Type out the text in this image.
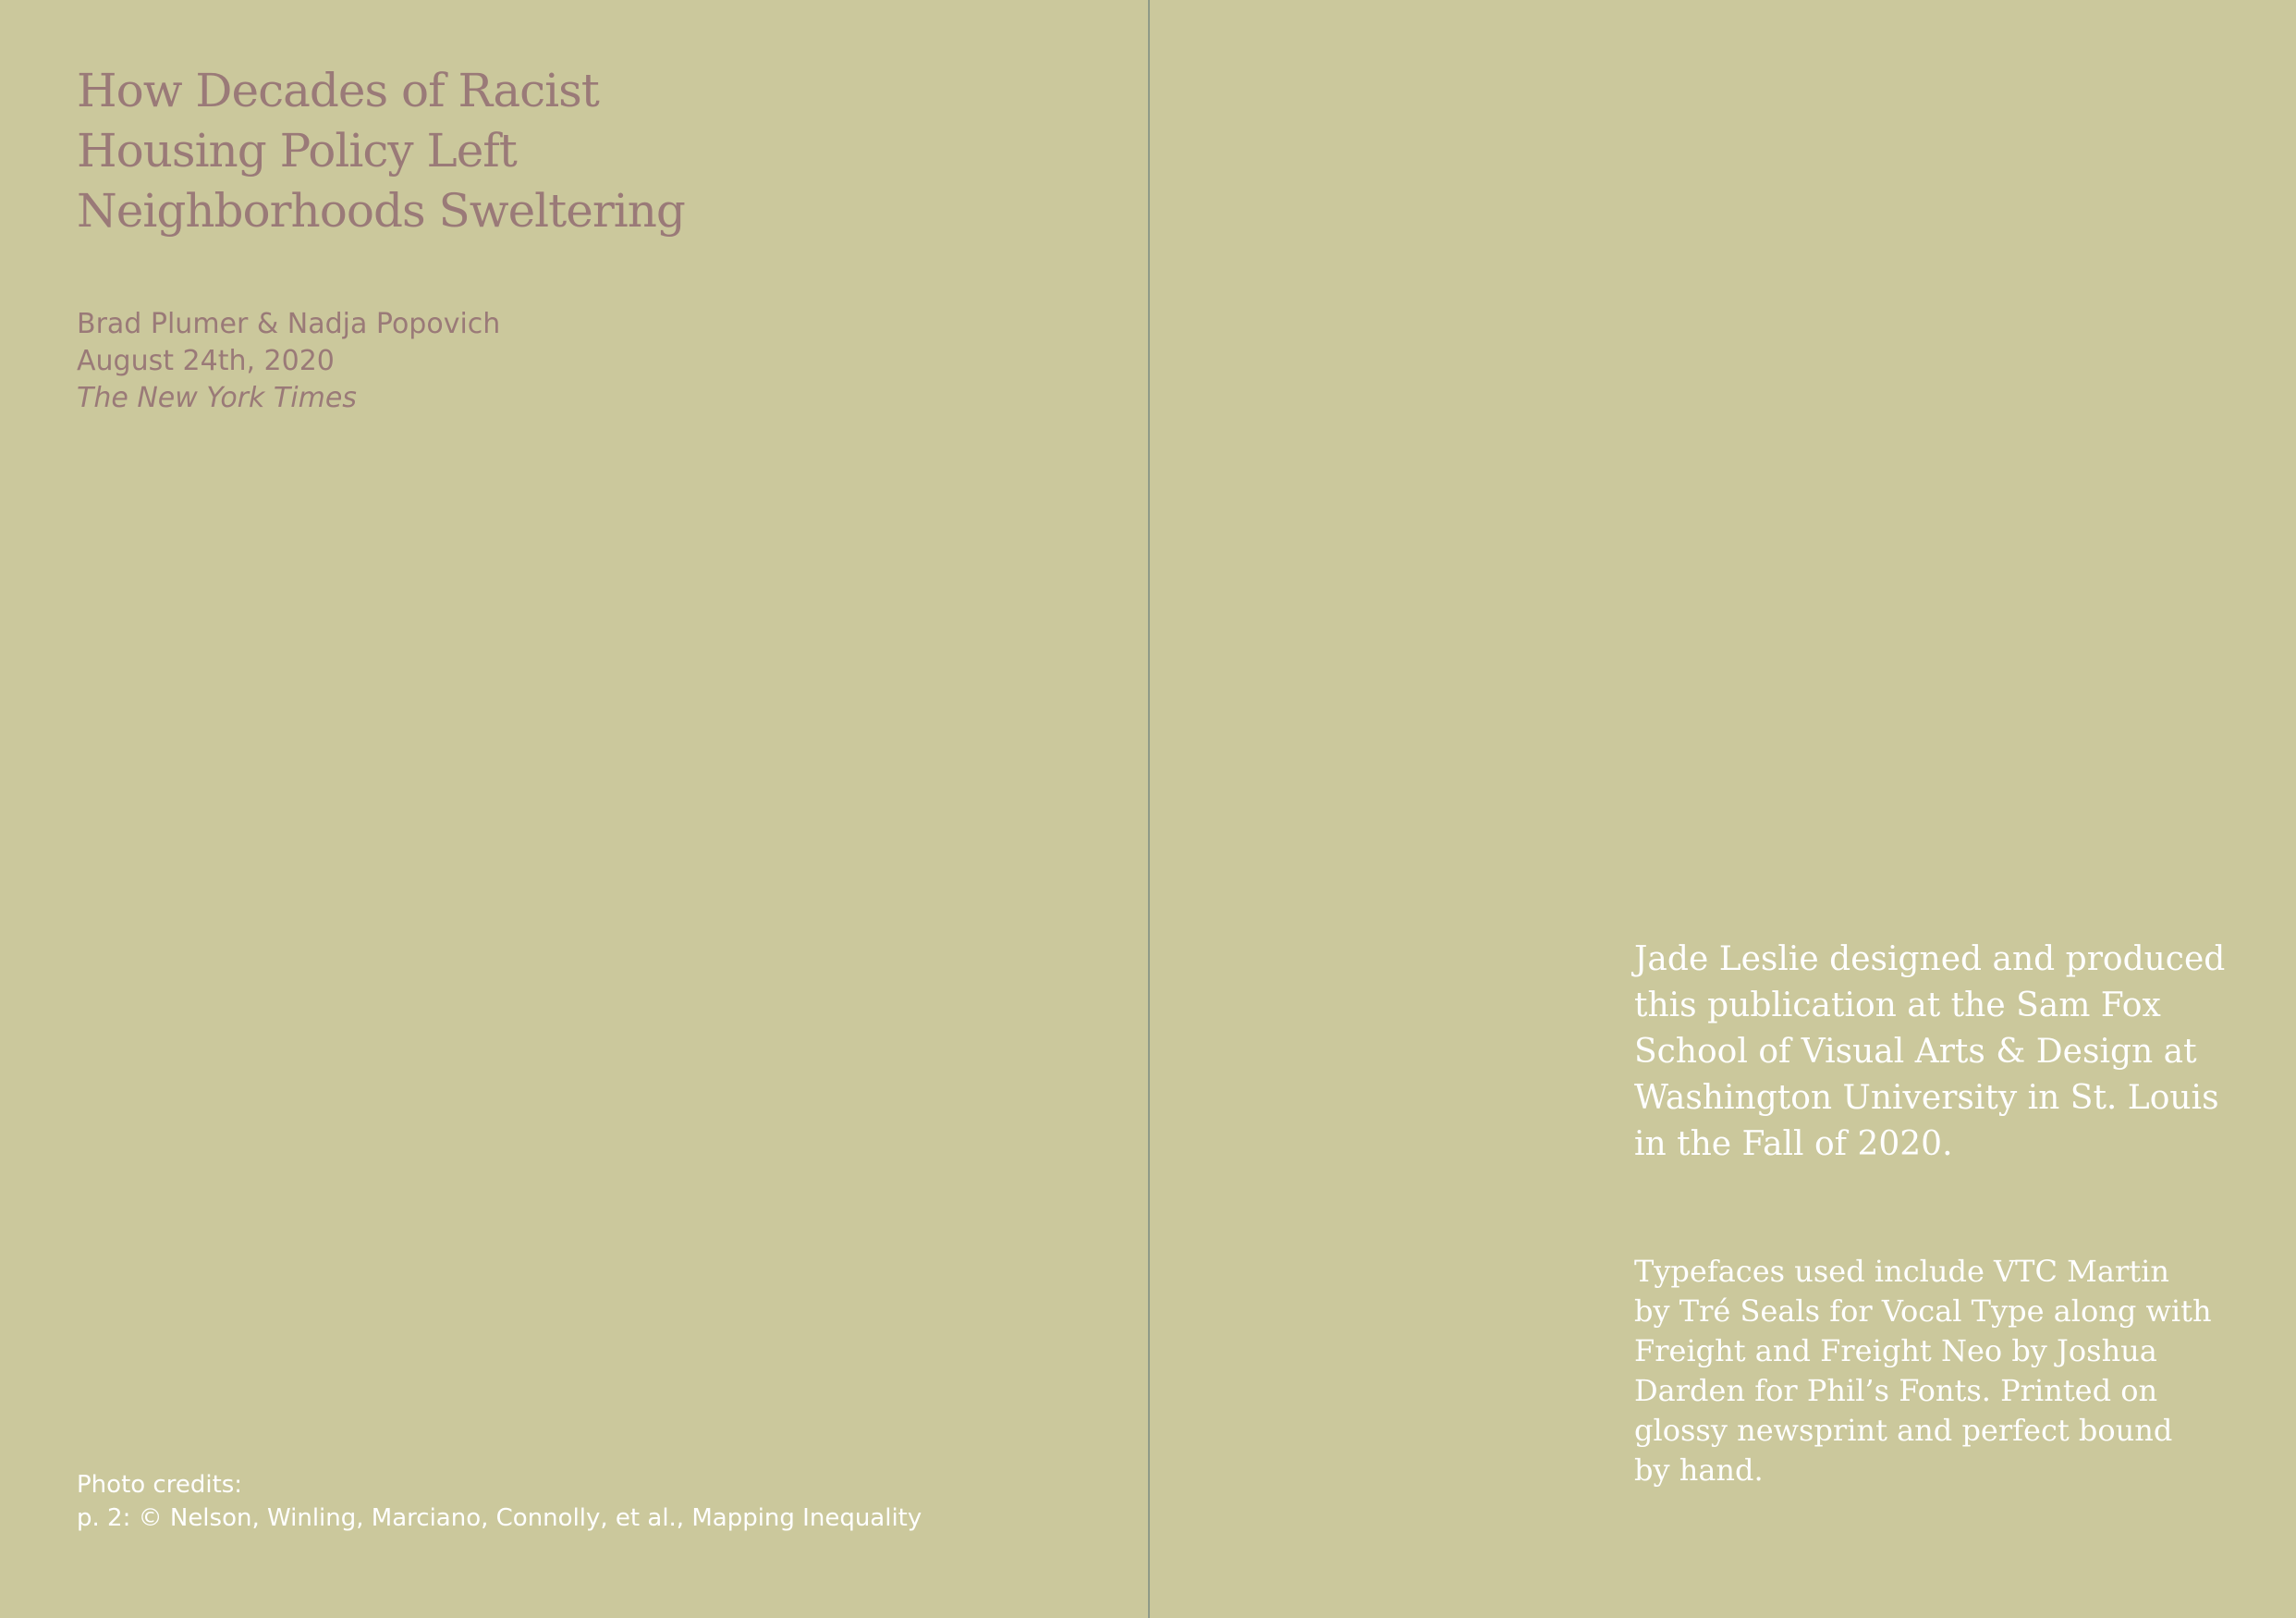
How Decades of Racist
Housing Policy Left
Neighborhoods Sweltering
Brad Plumer & Nadja Popovich
August 24th, 2020
The New York Times
Photo credits:
p. 2: © Nelson, Winling, Marciano, Connolly, et al., Mapping Inequality
Jade Leslie designed and produced
this publication at the Sam Fox
School of Visual Arts & Design at
Washington University in St. Louis
in the Fall of 2020.
Typefaces used include VTC Martin
by Tré Seals for Vocal Type along with
Freight and Freight Neo by Joshua
Darden for Phil’s Fonts. Printed on
glossy newsprint and perfect bound
by hand.
